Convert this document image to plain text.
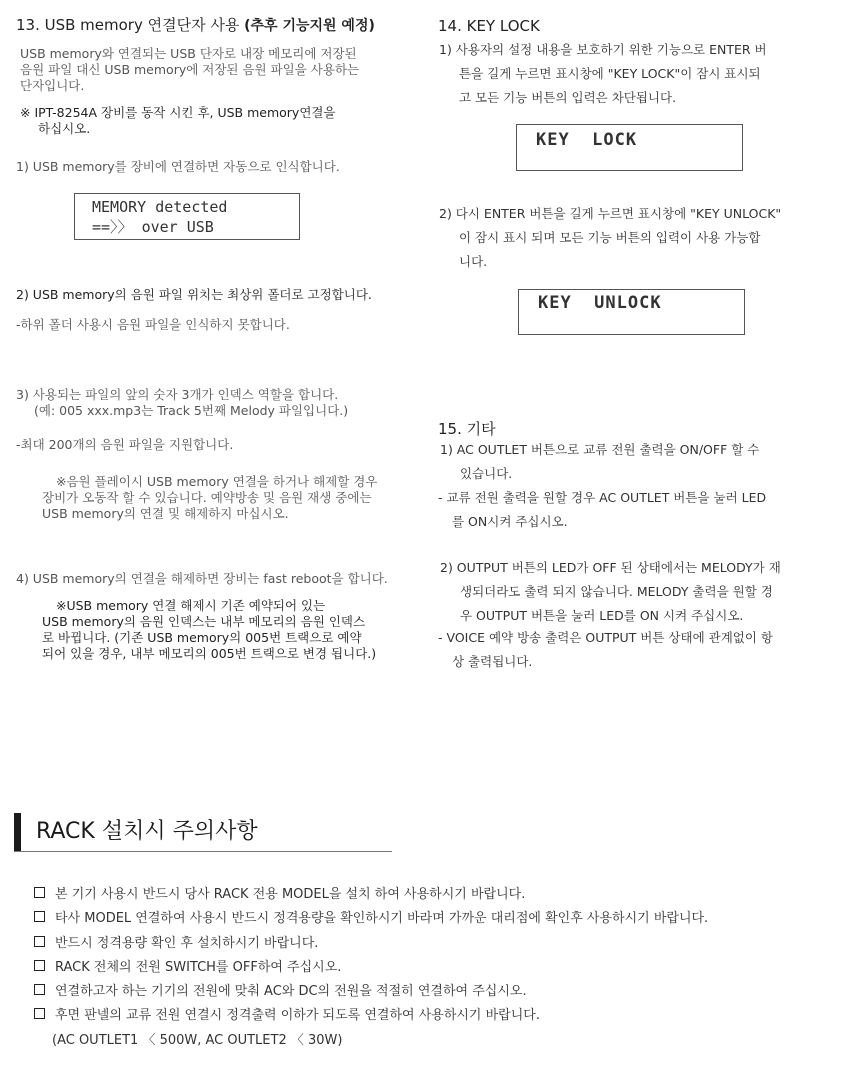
13. USB memory 연결단자 사용 (추후 기능지원 예정)
USB memory와 연결되는 USB 단자로 내장 메모리에 저장된
음원 파일 대신 USB memory에 저장된 음원 파일을 사용하는
단자입니다.
※ IPT-8254A 장비를 동작 시킨 후, USB memory연결을
하십시오.
1) USB memory를 장비에 연결하면 자동으로 인식합니다.
MEMORY detected
==〉〉 over USB
2) USB memory의 음원 파일 위치는 최상위 폴더로 고정합니다.
-하위 폴더 사용시 음원 파일을 인식하지 못합니다.
3) 사용되는 파일의 앞의 숫자 3개가 인덱스 역할을 합니다.
(예: 005 xxx.mp3는 Track 5번째 Melody 파일입니다.)
-최대 200개의 음원 파일을 지원합니다.
※음원 플레이시 USB memory 연결을 하거나 해제할 경우
장비가 오동작 할 수 있습니다. 예약방송 및 음원 재생 중에는
USB memory의 연결 및 해제하지 마십시오.
4) USB memory의 연결을 해제하면 장비는 fast reboot을 합니다.
※USB memory 연결 해제시 기존 예약되어 있는
USB memory의 음원 인덱스는 내부 메모리의 음원 인덱스
로 바뀝니다. (기존 USB memory의 005번 트랙으로 예약
되어 있을 경우, 내부 메모리의 005번 트랙으로 변경 됩니다.)
14. KEY LOCK
1) 사용자의 설정 내용을 보호하기 위한 기능으로 ENTER 버
튼을 길게 누르면 표시창에 "KEY LOCK"이 잠시 표시되
고 모든 기능 버튼의 입력은 차단됩니다.
KEY  LOCK
2) 다시 ENTER 버튼을 길게 누르면 표시창에 "KEY UNLOCK"
이 잠시 표시 되며 모든 기능 버튼의 입력이 사용 가능합
니다.
KEY  UNLOCK
15. 기타
1) AC OUTLET 버튼으로 교류 전원 출력을 ON/OFF 할 수
있습니다.
- 교류 전원 출력을 원할 경우 AC OUTLET 버튼을 눌러 LED
를 ON시켜 주십시오.
2) OUTPUT 버튼의 LED가 OFF 된 상태에서는 MELODY가 재
생되더라도 출력 되지 않습니다. MELODY 출력을 원할 경
우 OUTPUT 버튼을 눌러 LED를 ON 시켜 주십시오.
- VOICE 예약 방송 출력은 OUTPUT 버튼 상태에 관계없이 항
상 출력됩니다.
RACK 설치시 주의사항
본 기기 사용시 반드시 당사 RACK 전용 MODEL을 설치 하여 사용하시기 바랍니다.
타사 MODEL 연결하여 사용시 반드시 정격용량을 확인하시기 바라며 가까운 대리점에 확인후 사용하시기 바랍니다.
반드시 정격용량 확인 후 설치하시기 바랍니다.
RACK 전체의 전원 SWITCH를 OFF하여 주십시오.
연결하고자 하는 기기의 전원에 맞춰 AC와 DC의 전원을 적절히 연결하여 주십시오.
후면 판넬의 교류 전원 연결시 정격출력 이하가 되도록 연결하여 사용하시기 바랍니다.
(AC OUTLET1 〈 500W, AC OUTLET2 〈 30W)
